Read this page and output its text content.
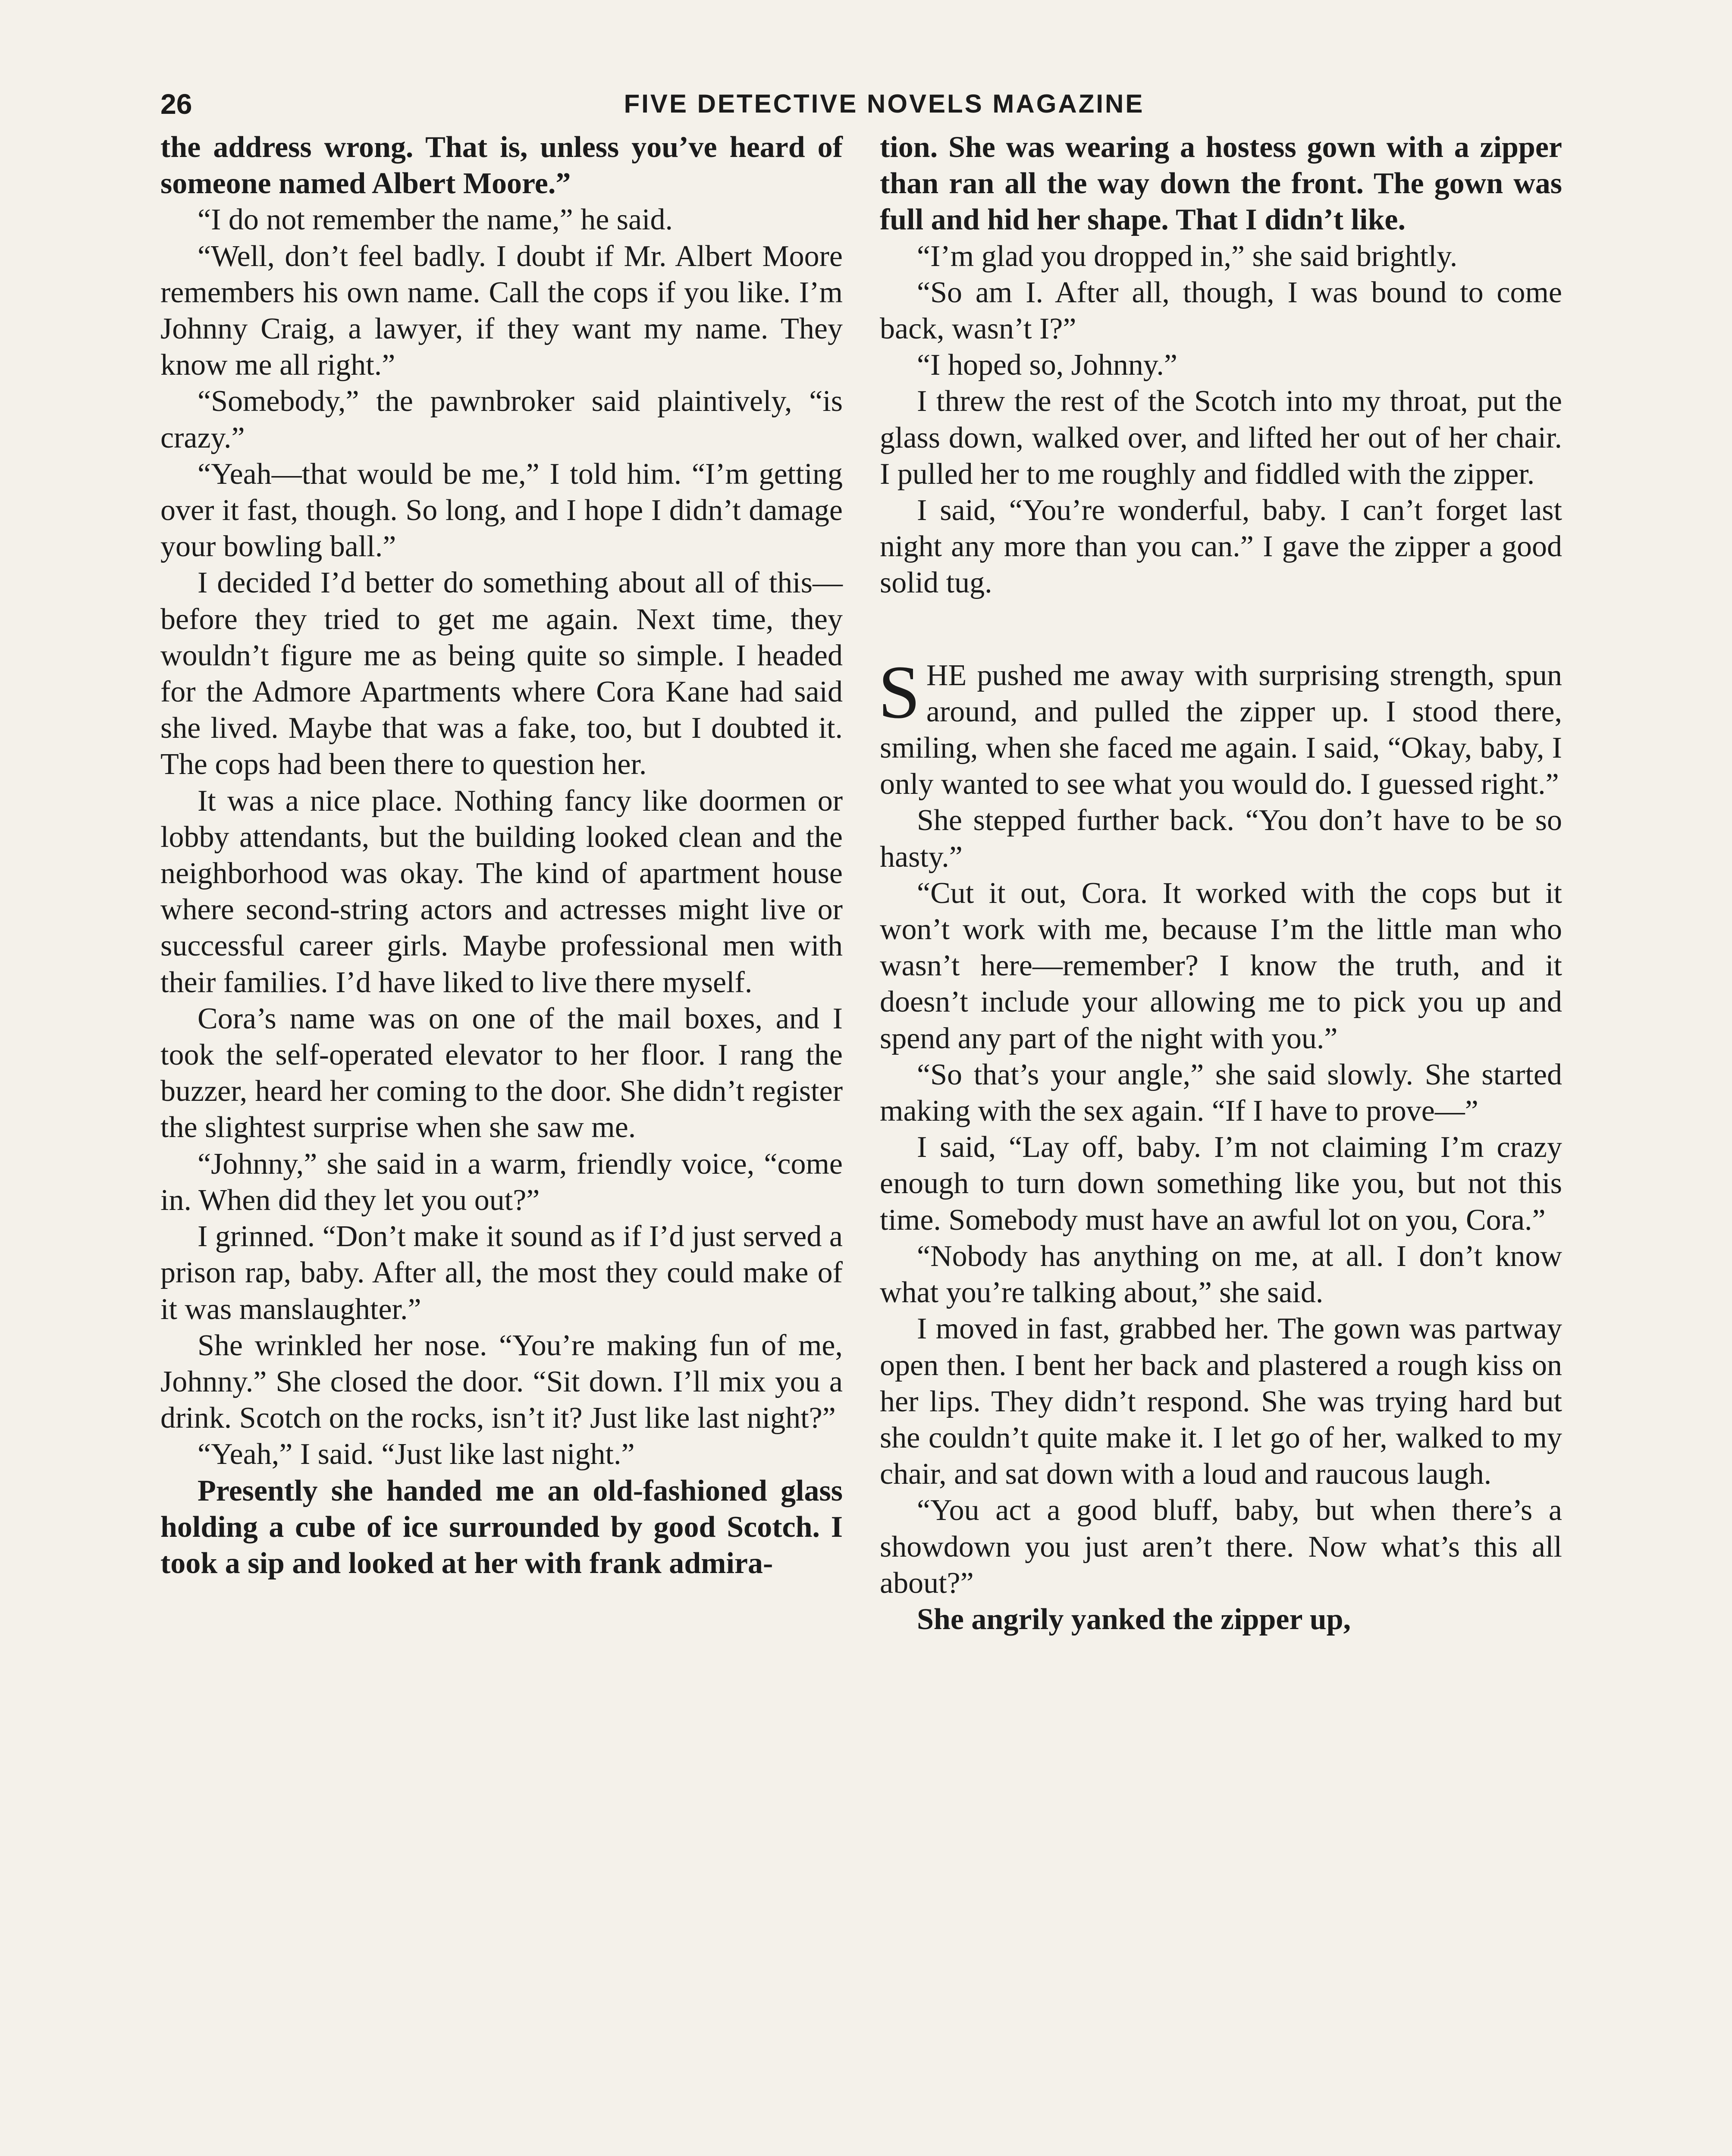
26	FIVE DETECTIVE NOVELS MAGAZINE

the address wrong. That is, unless you’ve heard of someone named Albert Moore.”

“I do not remember the name,” he said.

“Well, don’t feel badly. I doubt if Mr. Albert Moore remembers his own name. Call the cops if you like. I’m Johnny Craig, a lawyer, if they want my name. They know me all right.”

“Somebody,” the pawnbroker said plaintively, “is crazy.”

“Yeah—that would be me,” I told him. “I’m getting over it fast, though. So long, and I hope I didn’t damage your bowling ball.”

I decided I’d better do something about all of this—before they tried to get me again. Next time, they wouldn’t figure me as being quite so simple. I headed for the Admore Apartments where Cora Kane had said she lived. Maybe that was a fake, too, but I doubted it. The cops had been there to question her.

It was a nice place. Nothing fancy like doormen or lobby attendants, but the building looked clean and the neighborhood was okay. The kind of apartment house where second-string actors and actresses might live or successful career girls. Maybe professional men with their families. I’d have liked to live there myself.

Cora’s name was on one of the mail boxes, and I took the self-operated elevator to her floor. I rang the buzzer, heard her coming to the door. She didn’t register the slightest surprise when she saw me.

“Johnny,” she said in a warm, friendly voice, “come in. When did they let you out?”

I grinned. “Don’t make it sound as if I’d just served a prison rap, baby. After all, the most they could make of it was manslaughter.”

She wrinkled her nose. “You’re making fun of me, Johnny.” She closed the door. “Sit down. I’ll mix you a drink. Scotch on the rocks, isn’t it? Just like last night?”

“Yeah,” I said. “Just like last night.”

Presently she handed me an old-fashioned glass holding a cube of ice surrounded by good Scotch. I took a sip and looked at her with frank admira-

tion. She was wearing a hostess gown with a zipper than ran all the way down the front. The gown was full and hid her shape. That I didn’t like.

“I’m glad you dropped in,” she said brightly.

“So am I. After all, though, I was bound to come back, wasn’t I?”

“I hoped so, Johnny.”

I threw the rest of the Scotch into my throat, put the glass down, walked over, and lifted her out of her chair. I pulled her to me roughly and fiddled with the zipper.

I said, “You’re wonderful, baby. I can’t forget last night any more than you can.” I gave the zipper a good solid tug.

SHE pushed me away with surprising strength, spun around, and pulled the zipper up. I stood there, smiling, when she faced me again. I said, “Okay, baby, I only wanted to see what you would do. I guessed right.”

She stepped further back. “You don’t have to be so hasty.”

“Cut it out, Cora. It worked with the cops but it won’t work with me, because I’m the little man who wasn’t here—remember? I know the truth, and it doesn’t include your allowing me to pick you up and spend any part of the night with you.”

“So that’s your angle,” she said slowly. She started making with the sex again. “If I have to prove—”

I said, “Lay off, baby. I’m not claiming I’m crazy enough to turn down something like you, but not this time. Somebody must have an awful lot on you, Cora.”

“Nobody has anything on me, at all. I don’t know what you’re talking about,” she said.

I moved in fast, grabbed her. The gown was partway open then. I bent her back and plastered a rough kiss on her lips. They didn’t respond. She was trying hard but she couldn’t quite make it. I let go of her, walked to my chair, and sat down with a loud and raucous laugh.

“You act a good bluff, baby, but when there’s a showdown you just aren’t there. Now what’s this all about?”

She angrily yanked the zipper up,
